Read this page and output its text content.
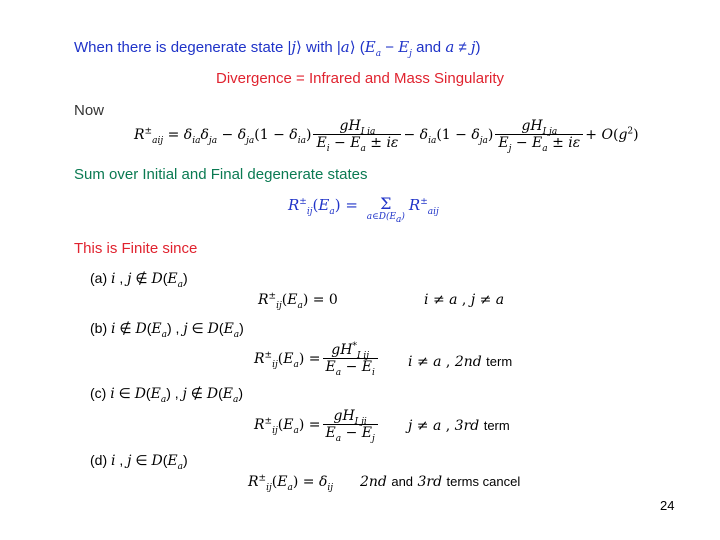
When there is degenerate state |j⟩ with |a⟩ ($E_a - E_j$ and a ≠ j)
Divergence = Infrared and Mass Singularity
Now
$R^\pm_{aij}$
=
$\delta_{ia}\delta_{ja}$
−
$\delta_{ja}(1 - \delta_{ia}) \frac{gH_{I ia}}{E_i - E_a \pm i\varepsilon}$ −
$\delta_{ia}(1 - \delta_{ja}) \frac{gH_{I ja}}{E_j - E_a \pm i\varepsilon}$ +
$O(g^2)$
Sum over Initial and Final degenerate states
$R^\pm_{ij}(E_a)$
=
Σ
$a\in D(E_a)$
$R^\pm_{aij}$
This is Finite since
(a) i , j ∉ $D(E_a)$
$R^\pm_{ij}(E_a) = 0$	i ≠ a , j ≠ a
(b) i ∉ $D(E_a)$ , j ∈ $D(E_a)$
$R^\pm_{ij}(E_a)$
= $\frac{gH^*_{I ij}}{E_a - E_i}$ i ≠ a , 2nd term
(c) i ∈ $D(E_a)$ , j ∉ $D(E_a)$
$R^\pm_{ij}(E_a)$
= $\frac{gH_{I ji}}{E_a - E_j}$ j ≠ a , 3rd term
(d) i , j ∈ $D(E_a)$
$R^\pm_{ij}(E_a) = \delta_{ij}$ 2nd and 3rd terms cancel
24
